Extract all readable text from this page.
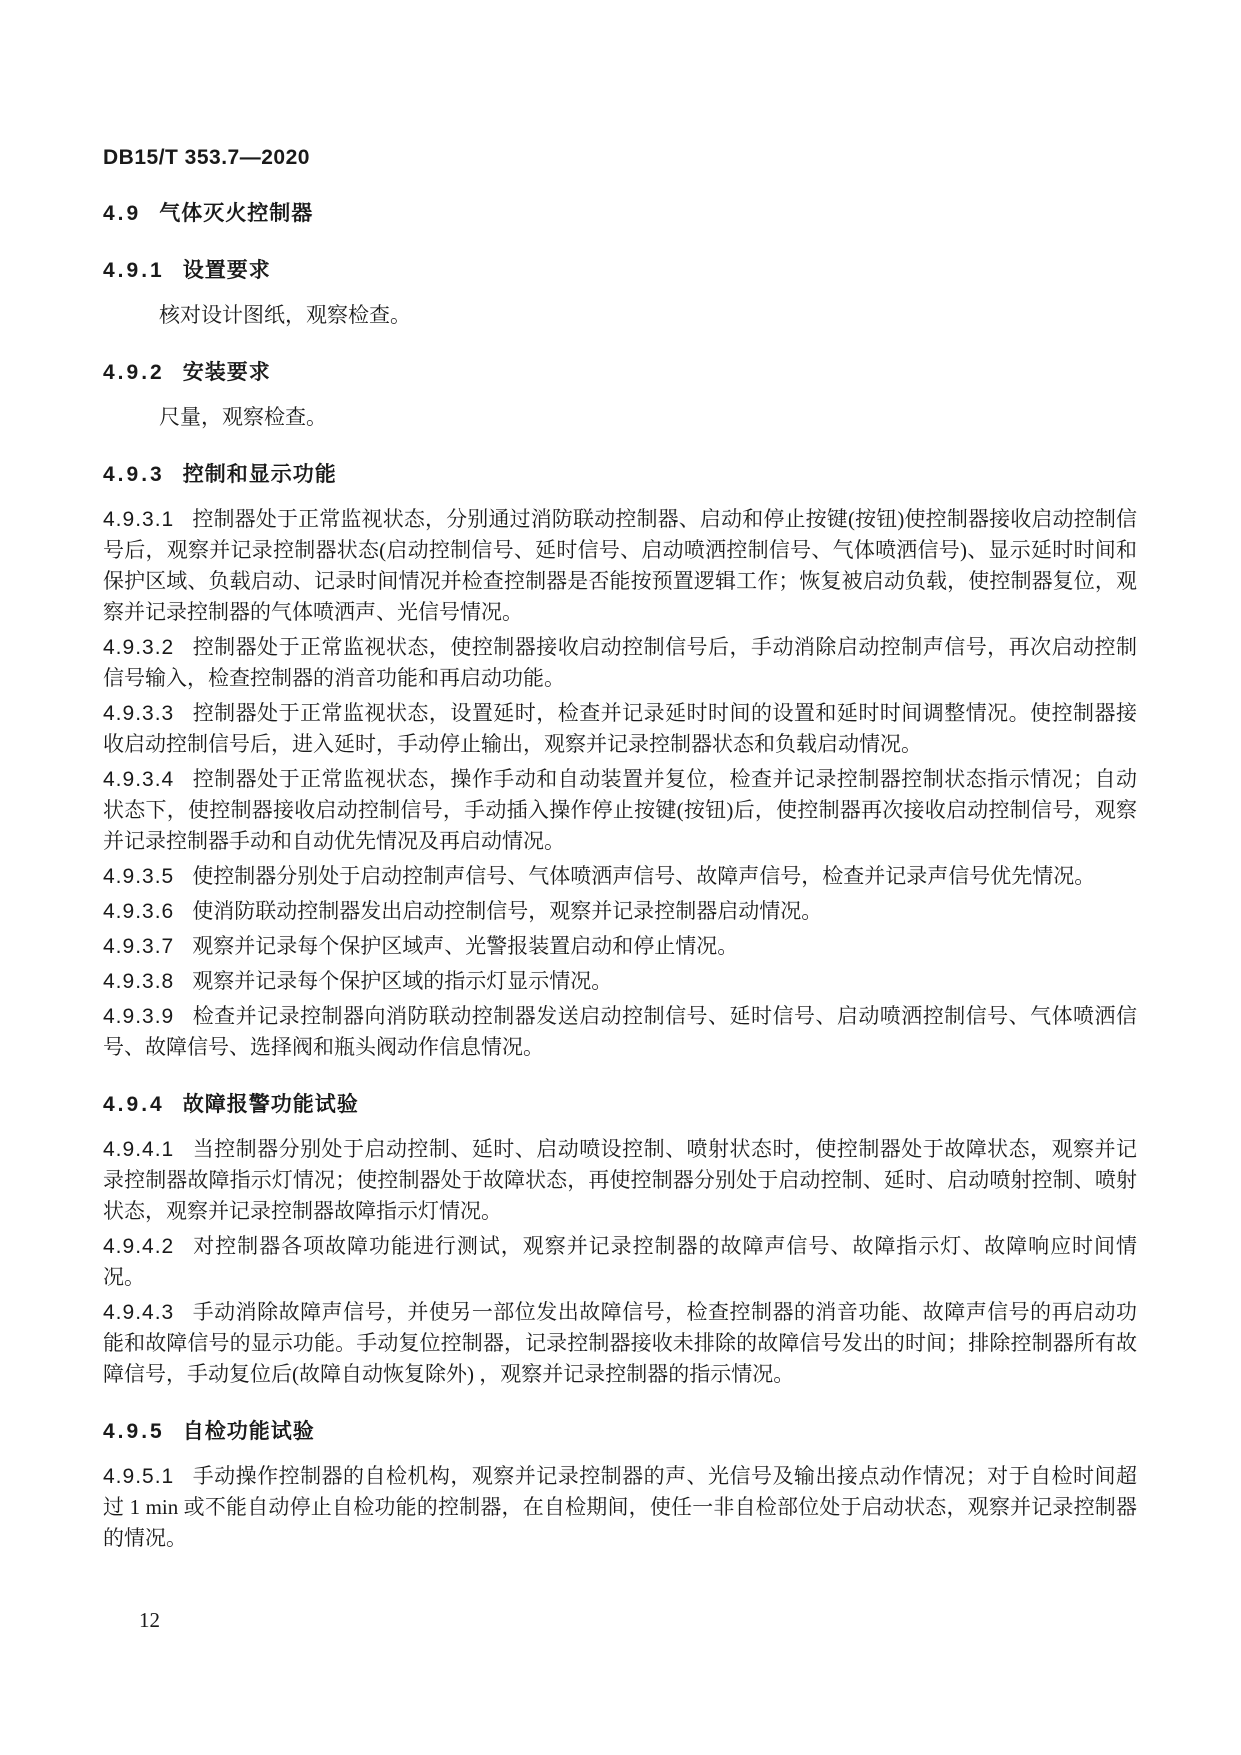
DB15/T 353.7—2020
4.9 气体灭火控制器
4.9.1 设置要求

核对设计图纸，观察检查。

4.9.2 安装要求

尺量，观察检查。

4.9.3 控制和显示功能

4.9.3.1 控制器处于正常监视状态，分别通过消防联动控制器、启动和停止按键(按钮)使控制器接收启动控制信号后，观察并记录控制器状态(启动控制信号、延时信号、启动喷洒控制信号、气体喷洒信号)、显示延时时间和保护区域、负载启动、记录时间情况并检查控制器是否能按预置逻辑工作；恢复被启动负载，使控制器复位，观察并记录控制器的气体喷洒声、光信号情况。

4.9.3.2 控制器处于正常监视状态，使控制器接收启动控制信号后，手动消除启动控制声信号，再次启动控制信号输入，检查控制器的消音功能和再启动功能。

4.9.3.3 控制器处于正常监视状态，设置延时，检查并记录延时时间的设置和延时时间调整情况。使控制器接收启动控制信号后，进入延时，手动停止输出，观察并记录控制器状态和负载启动情况。

4.9.3.4 控制器处于正常监视状态，操作手动和自动装置并复位，检查并记录控制器控制状态指示情况；自动状态下，使控制器接收启动控制信号，手动插入操作停止按键(按钮)后，使控制器再次接收启动控制信号，观察并记录控制器手动和自动优先情况及再启动情况。

4.9.3.5 使控制器分别处于启动控制声信号、气体喷洒声信号、故障声信号，检查并记录声信号优先情况。

4.9.3.6 使消防联动控制器发出启动控制信号，观察并记录控制器启动情况。

4.9.3.7 观察并记录每个保护区域声、光警报装置启动和停止情况。

4.9.3.8 观察并记录每个保护区域的指示灯显示情况。

4.9.3.9 检查并记录控制器向消防联动控制器发送启动控制信号、延时信号、启动喷洒控制信号、气体喷洒信号、故障信号、选择阀和瓶头阀动作信息情况。

4.9.4 故障报警功能试验

4.9.4.1 当控制器分别处于启动控制、延时、启动喷设控制、喷射状态时，使控制器处于故障状态，观察并记录控制器故障指示灯情况；使控制器处于故障状态，再使控制器分别处于启动控制、延时、启动喷射控制、喷射状态，观察并记录控制器故障指示灯情况。

4.9.4.2 对控制器各项故障功能进行测试，观察并记录控制器的故障声信号、故障指示灯、故障响应时间情况。

4.9.4.3 手动消除故障声信号，并使另一部位发出故障信号，检查控制器的消音功能、故障声信号的再启动功能和故障信号的显示功能。手动复位控制器，记录控制器接收未排除的故障信号发出的时间；排除控制器所有故障信号，手动复位后(故障自动恢复除外) ，观察并记录控制器的指示情况。

4.9.5 自检功能试验

4.9.5.1 手动操作控制器的自检机构，观察并记录控制器的声、光信号及输出接点动作情况；对于自检时间超过 1 min 或不能自动停止自检功能的控制器，在自检期间，使任一非自检部位处于启动状态，观察并记录控制器的情况。

12
